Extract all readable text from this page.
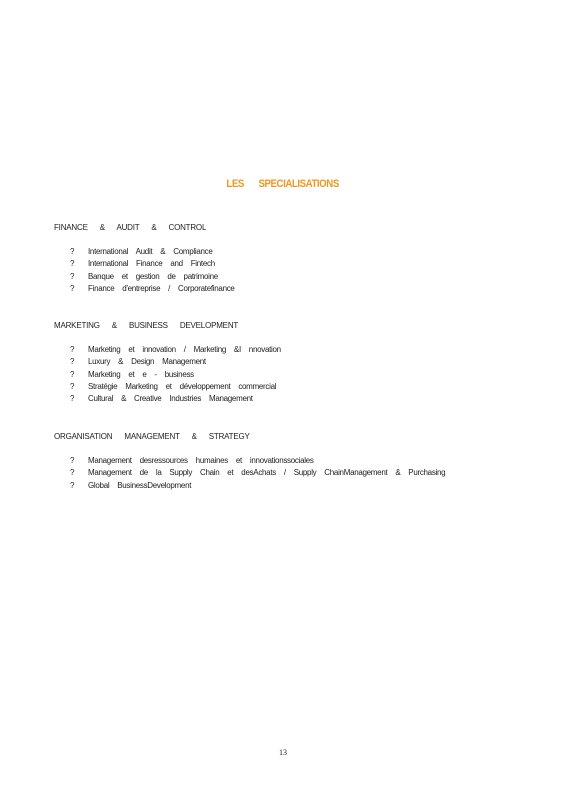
LES SPECIALISATIONS

FINANCE & AUDIT & CONTROL

? International Audit & Compliance
? International Finance and Fintech
? Banque et gestion de patrimoine
? Finance d'entreprise / Corporatefinance

MARKETING & BUSINESS DEVELOPMENT

? Marketing et innovation / Marketing &I nnovation
? Luxury & Design Management
? Marketing et e - business
? Stratégie Marketing et développement commercial
? Cultural & Creative Industries Management

ORGANISATION MANAGEMENT & STRATEGY

? Management desressources humaines et innovationssociales
? Management de la Supply Chain et desAchats / Supply ChainManagement & Purchasing
? Global BusinessDevelopment
13
